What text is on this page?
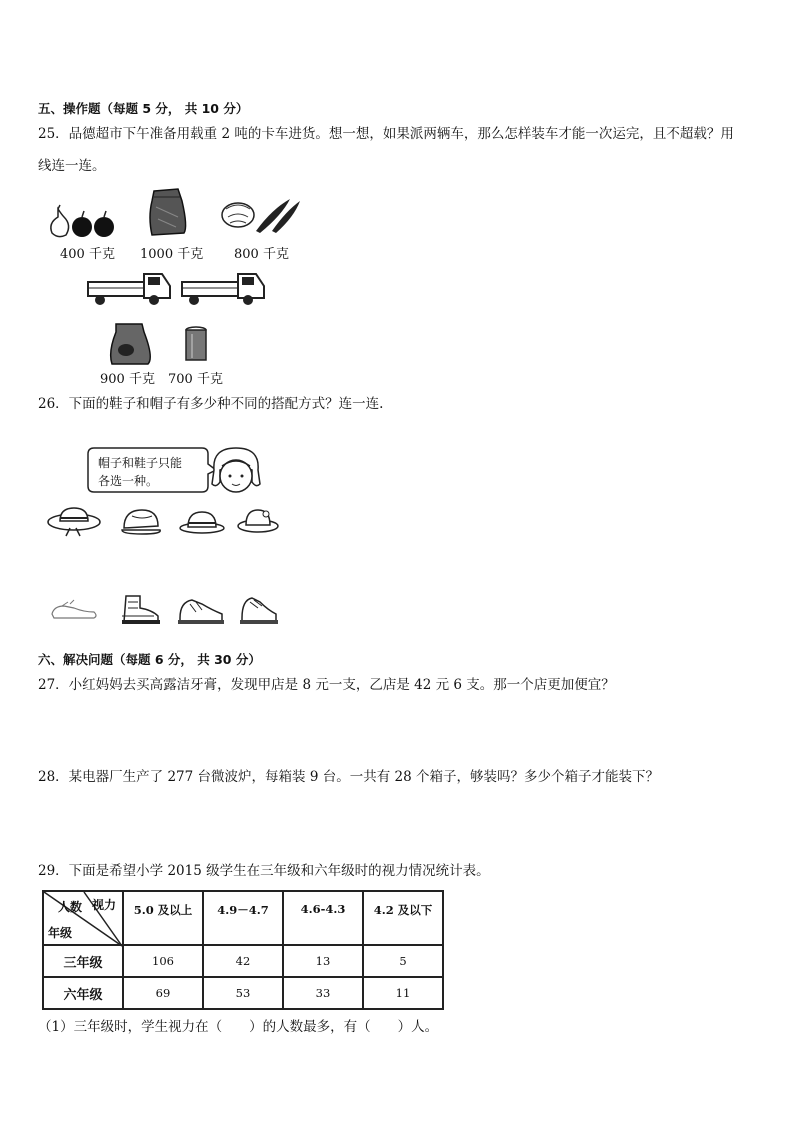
五、操作题（每题 5 分， 共 10 分）
25．品德超市下午准备用载重 2 吨的卡车进货。想一想，如果派两辆车，那么怎样装车才能一次运完，且不超载？用
线连一连。
400 千克 1000 千克 800 千克
900 千克 700 千克
26．下面的鞋子和帽子有多少种不同的搭配方式？连一连.
帽子和鞋子只能
各选一种。
六、解决问题（每题 6 分， 共 30 分）
27．小红妈妈去买高露洁牙膏，发现甲店是 8 元一支，乙店是 42 元 6 支。那一个店更加便宜？
28．某电器厂生产了 277 台微波炉，每箱装 9 台。一共有 28 个箱子，够装吗？多少个箱子才能装下？
29．下面是希望小学 2015 级学生在三年级和六年级时的视力情况统计表。
人数 视力
年级	5.0 及以上	4.9－4.7	4.6-4.3	4.2 及以下
三年级	106	42	13	5
六年级	69	53	33	11
（1）三年级时，学生视力在（　　）的人数最多，有（　　）人。
